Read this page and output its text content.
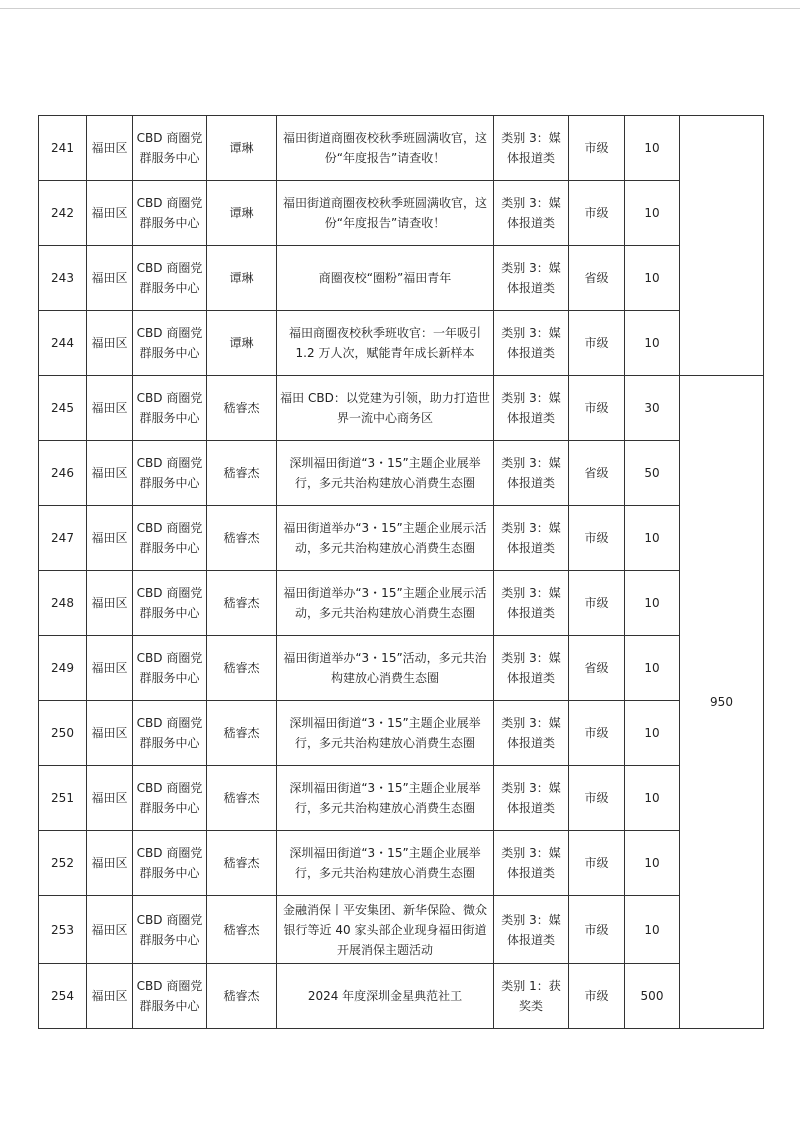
241	福田区	CBD 商圈党群服务中心	谭琳	福田街道商圈夜校秋季班圆满收官，这份“年度报告”请查收！	类别 3：媒体报道类	市级	10	
242	福田区	CBD 商圈党群服务中心	谭琳	福田街道商圈夜校秋季班圆满收官，这份“年度报告”请查收！	类别 3：媒体报道类	市级	10	
243	福田区	CBD 商圈党群服务中心	谭琳	商圈夜校“圈粉”福田青年	类别 3：媒体报道类	省级	10	
244	福田区	CBD 商圈党群服务中心	谭琳	福田商圈夜校秋季班收官：一年吸引 1.2 万人次，赋能青年成长新样本	类别 3：媒体报道类	市级	10	
245	福田区	CBD 商圈党群服务中心	嵇睿杰	福田 CBD：以党建为引领，助力打造世界一流中心商务区	类别 3：媒体报道类	市级	30	950
246	福田区	CBD 商圈党群服务中心	嵇睿杰	深圳福田街道“3・15”主题企业展举行，多元共治构建放心消费生态圈	类别 3：媒体报道类	省级	50	
247	福田区	CBD 商圈党群服务中心	嵇睿杰	福田街道举办“3・15”主题企业展示活动，多元共治构建放心消费生态圈	类别 3：媒体报道类	市级	10	
248	福田区	CBD 商圈党群服务中心	嵇睿杰	福田街道举办“3・15”主题企业展示活动，多元共治构建放心消费生态圈	类别 3：媒体报道类	市级	10	
249	福田区	CBD 商圈党群服务中心	嵇睿杰	福田街道举办“3・15”活动，多元共治构建放心消费生态圈	类别 3：媒体报道类	省级	10	
250	福田区	CBD 商圈党群服务中心	嵇睿杰	深圳福田街道“3・15”主题企业展举行，多元共治构建放心消费生态圈	类别 3：媒体报道类	市级	10	
251	福田区	CBD 商圈党群服务中心	嵇睿杰	深圳福田街道“3・15”主题企业展举行，多元共治构建放心消费生态圈	类别 3：媒体报道类	市级	10	
252	福田区	CBD 商圈党群服务中心	嵇睿杰	深圳福田街道“3・15”主题企业展举行，多元共治构建放心消费生态圈	类别 3：媒体报道类	市级	10	
253	福田区	CBD 商圈党群服务中心	嵇睿杰	金融消保丨平安集团、新华保险、微众银行等近 40 家头部企业现身福田街道开展消保主题活动	类别 3：媒体报道类	市级	10	
254	福田区	CBD 商圈党群服务中心	嵇睿杰	2024 年度深圳金星典范社工	类别 1：获奖类	市级	500	
